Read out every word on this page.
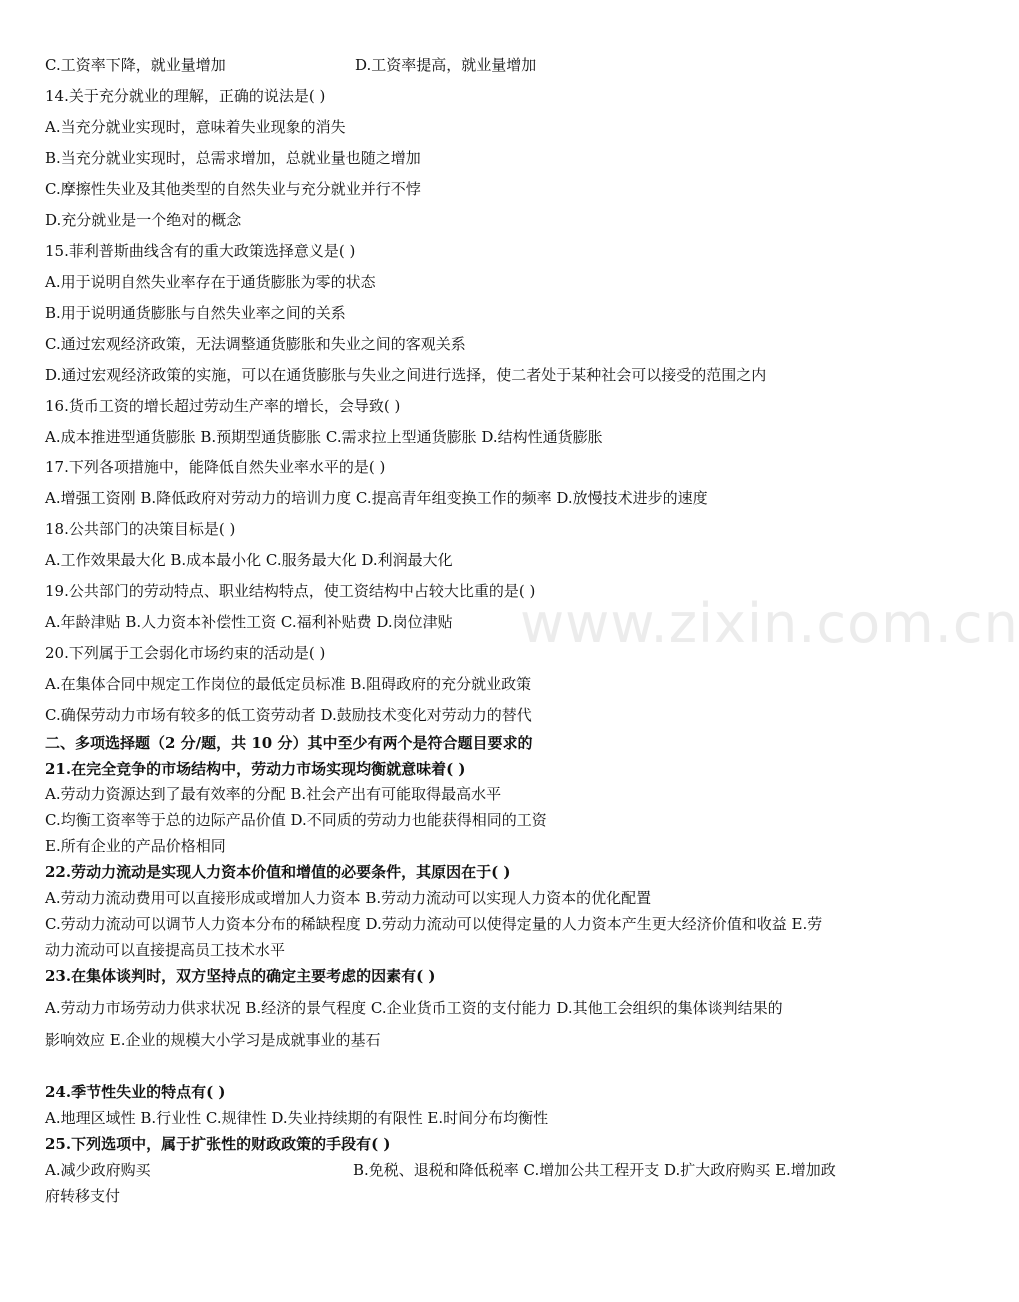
www.zixin.com.cn
C.工资率下降，就业量增加	D.工资率提高，就业量增加
14.关于充分就业的理解，正确的说法是( )
A.当充分就业实现时，意味着失业现象的消失
B.当充分就业实现时，总需求增加，总就业量也随之增加
C.摩擦性失业及其他类型的自然失业与充分就业并行不悖
D.充分就业是一个绝对的概念
15.菲利普斯曲线含有的重大政策选择意义是( )
A.用于说明自然失业率存在于通货膨胀为零的状态
B.用于说明通货膨胀与自然失业率之间的关系
C.通过宏观经济政策，无法调整通货膨胀和失业之间的客观关系
D.通过宏观经济政策的实施，可以在通货膨胀与失业之间进行选择，使二者处于某种社会可以接受的范围之内
16.货币工资的增长超过劳动生产率的增长，会导致( )
A.成本推进型通货膨胀 B.预期型通货膨胀 C.需求拉上型通货膨胀 D.结构性通货膨胀
17.下列各项措施中，能降低自然失业率水平的是( )
A.增强工资刚 B.降低政府对劳动力的培训力度 C.提高青年组变换工作的频率 D.放慢技术进步的速度
18.公共部门的决策目标是( )
A.工作效果最大化 B.成本最小化 C.服务最大化 D.利润最大化
19.公共部门的劳动特点、职业结构特点，使工资结构中占较大比重的是( )
A.年龄津贴 B.人力资本补偿性工资 C.福利补贴费 D.岗位津贴
20.下列属于工会弱化市场约束的活动是( )
A.在集体合同中规定工作岗位的最低定员标准 B.阻碍政府的充分就业政策
C.确保劳动力市场有较多的低工资劳动者 D.鼓励技术变化对劳动力的替代
二、多项选择题（2 分/题，共 10 分）其中至少有两个是符合题目要求的
21.在完全竞争的市场结构中，劳动力市场实现均衡就意味着( )
A.劳动力资源达到了最有效率的分配 B.社会产出有可能取得最高水平
C.均衡工资率等于总的边际产品价值 D.不同质的劳动力也能获得相同的工资
E.所有企业的产品价格相同
22.劳动力流动是实现人力资本价值和增值的必要条件，其原因在于( )
A.劳动力流动费用可以直接形成或增加人力资本 B.劳动力流动可以实现人力资本的优化配置
C.劳动力流动可以调节人力资本分布的稀缺程度 D.劳动力流动可以使得定量的人力资本产生更大经济价值和收益 E.劳
动力流动可以直接提高员工技术水平
23.在集体谈判时，双方坚持点的确定主要考虑的因素有( )
A.劳动力市场劳动力供求状况 B.经济的景气程度 C.企业货币工资的支付能力 D.其他工会组织的集体谈判结果的
影响效应 E.企业的规模大小学习是成就事业的基石
24.季节性失业的特点有( )
A.地理区域性 B.行业性 C.规律性 D.失业持续期的有限性 E.时间分布均衡性
25.下列选项中，属于扩张性的财政政策的手段有( )
A.减少政府购买	B.免税、退税和降低税率 C.增加公共工程开支 D.扩大政府购买 E.增加政
府转移支付
